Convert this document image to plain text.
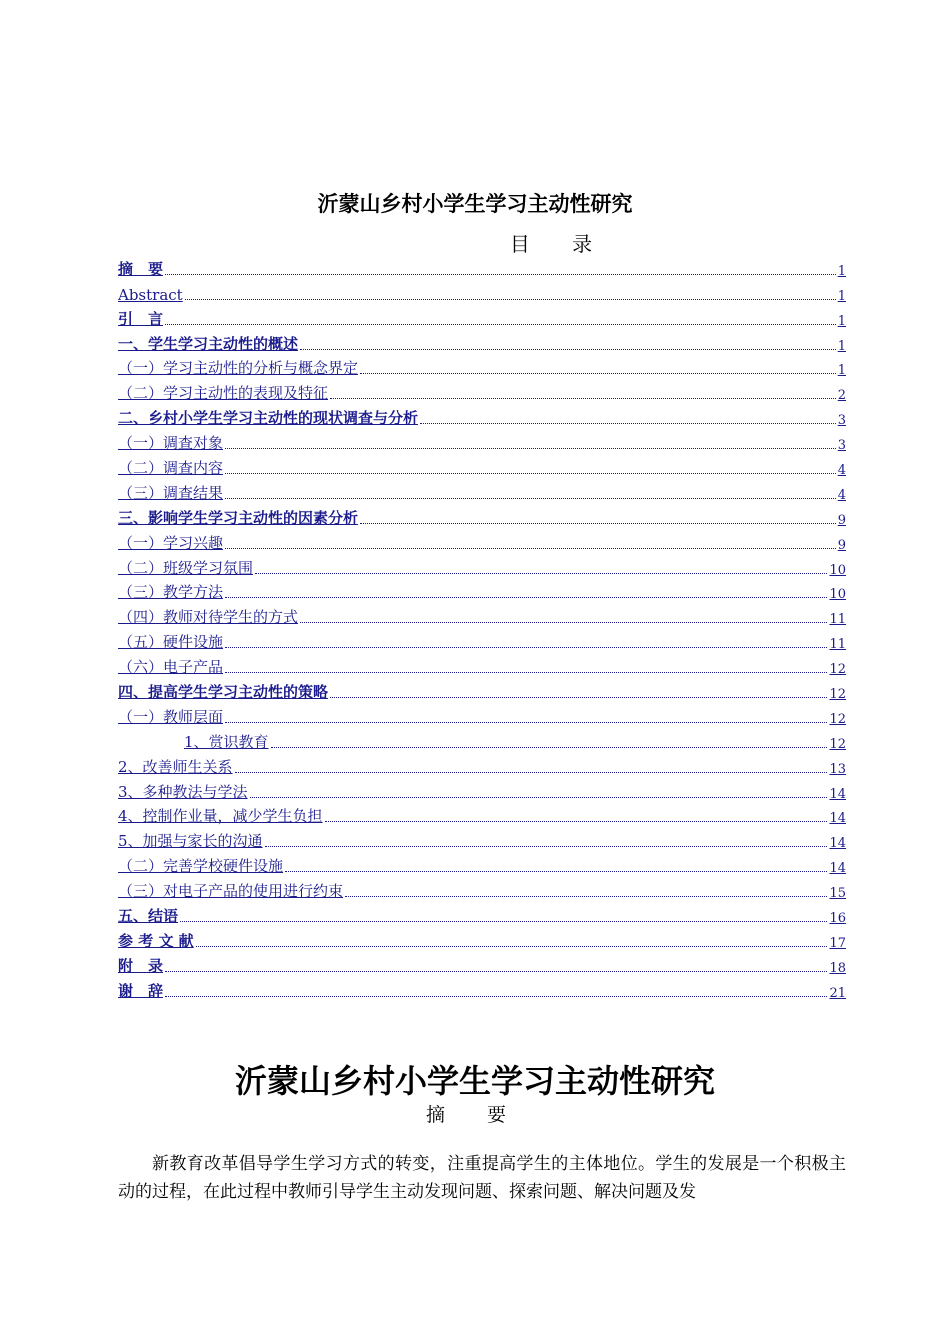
沂蒙山乡村小学生学习主动性研究
目 录
摘　要	1
Abstract	1
引　言	1
一、学生学习主动性的概述	1
（一）学习主动性的分析与概念界定	1
（二）学习主动性的表现及特征	2
二、乡村小学生学习主动性的现状调查与分析	3
（一）调查对象	3
（二）调查内容	4
（三）调查结果	4
三、影响学生学习主动性的因素分析	9
（一）学习兴趣	9
（二）班级学习氛围	10
（三）教学方法	10
（四）教师对待学生的方式	11
（五）硬件设施	11
（六）电子产品	12
四、提高学生学习主动性的策略	12
（一）教师层面	12
1、赏识教育	12
2、改善师生关系	13
3、多种教法与学法	14
4、控制作业量，减少学生负担	14
5、加强与家长的沟通	14
（二）完善学校硬件设施	14
（三）对电子产品的使用进行约束	15
五、结语	16
参 考 文 献	17
附　录	18
谢　辞	21
沂蒙山乡村小学生学习主动性研究
摘 要
新教育改革倡导学生学习方式的转变，注重提高学生的主体地位。学生的发展是一个积极主动的过程，在此过程中教师引导学生主动发现问题、探索问题、解决问题及发
